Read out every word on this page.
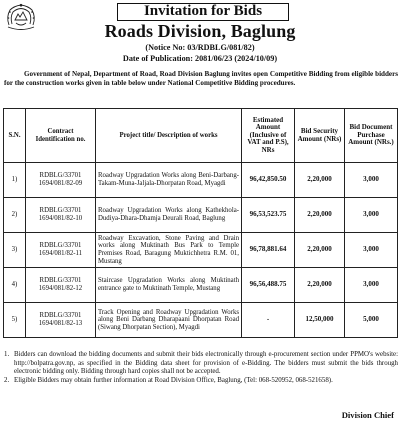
Invitation for Bids
Roads Division, Baglung
(Notice No: 03/RDBLG/081/82)
Date of Publication: 2081/06/23 (2024/10/09)

Government of Nepal, Department of Road, Road Division Baglung invites open Competitive Bidding from eligible bidders for the construction works given in table below under National Competitive Bidding procedures.

S.N.	Contract Identification no.	Project title/ Description of works	Estimated Amount (Inclusive of VAT and P.S), NRs	Bid Security Amount (NRs)	Bid Document Purchase Amount (NRs.)
1)	RDBLG/33701 1694/081/82-09	Roadway Upgradation Works along Beni-Darbang-Takam-Muna-Jaljala-Dhorpatan Road, Myagdi	96,42,850.50	2,20,000	3,000
2)	RDBLG/33701 1694/081/82-10	Roadway Upgradation Works along Kathekhola-Dudiya-Dhara-Dhamja Deurali Road, Baglung	96,53,523.75	2,20,000	3,000
3)	RDBLG/33701 1694/081/82-11	Roadway Excavation, Stone Paving and Drain works along Muktinath Bus Park to Temple Premises Road, Baragung Muktichhetra R.M. 01, Mustang	96,78,881.64	2,20,000	3,000
4)	RDBLG/33701 1694/081/82-12	Staircase Upgradation Works along Muktinath entrance gate to Muktinath Temple, Mustang	96,56,488.75	2,20,000	3,000
5)	RDBLG/33701 1694/081/82-13	Track Opening and Roadway Upgradation Works along Beni Darbang Dharapaani Dhorpatan Road (Siwang Dhorpatan Section), Myagdi	-	12,50,000	5,000
1. Bidders can download the bidding documents and submit their bids electronically through e-procurement section under PPMO's website: http://bolpatra.gov.np, as specified in the Bidding data sheet for provision of e-Bidding. The bidders must submit the bids through electronic bidding only. Bidding through hard copies shall not be accepted.
2. Eligible Bidders may obtain further information at Road Division Office, Baglung, (Tel: 068-520952, 068-521658).
Division Chief
